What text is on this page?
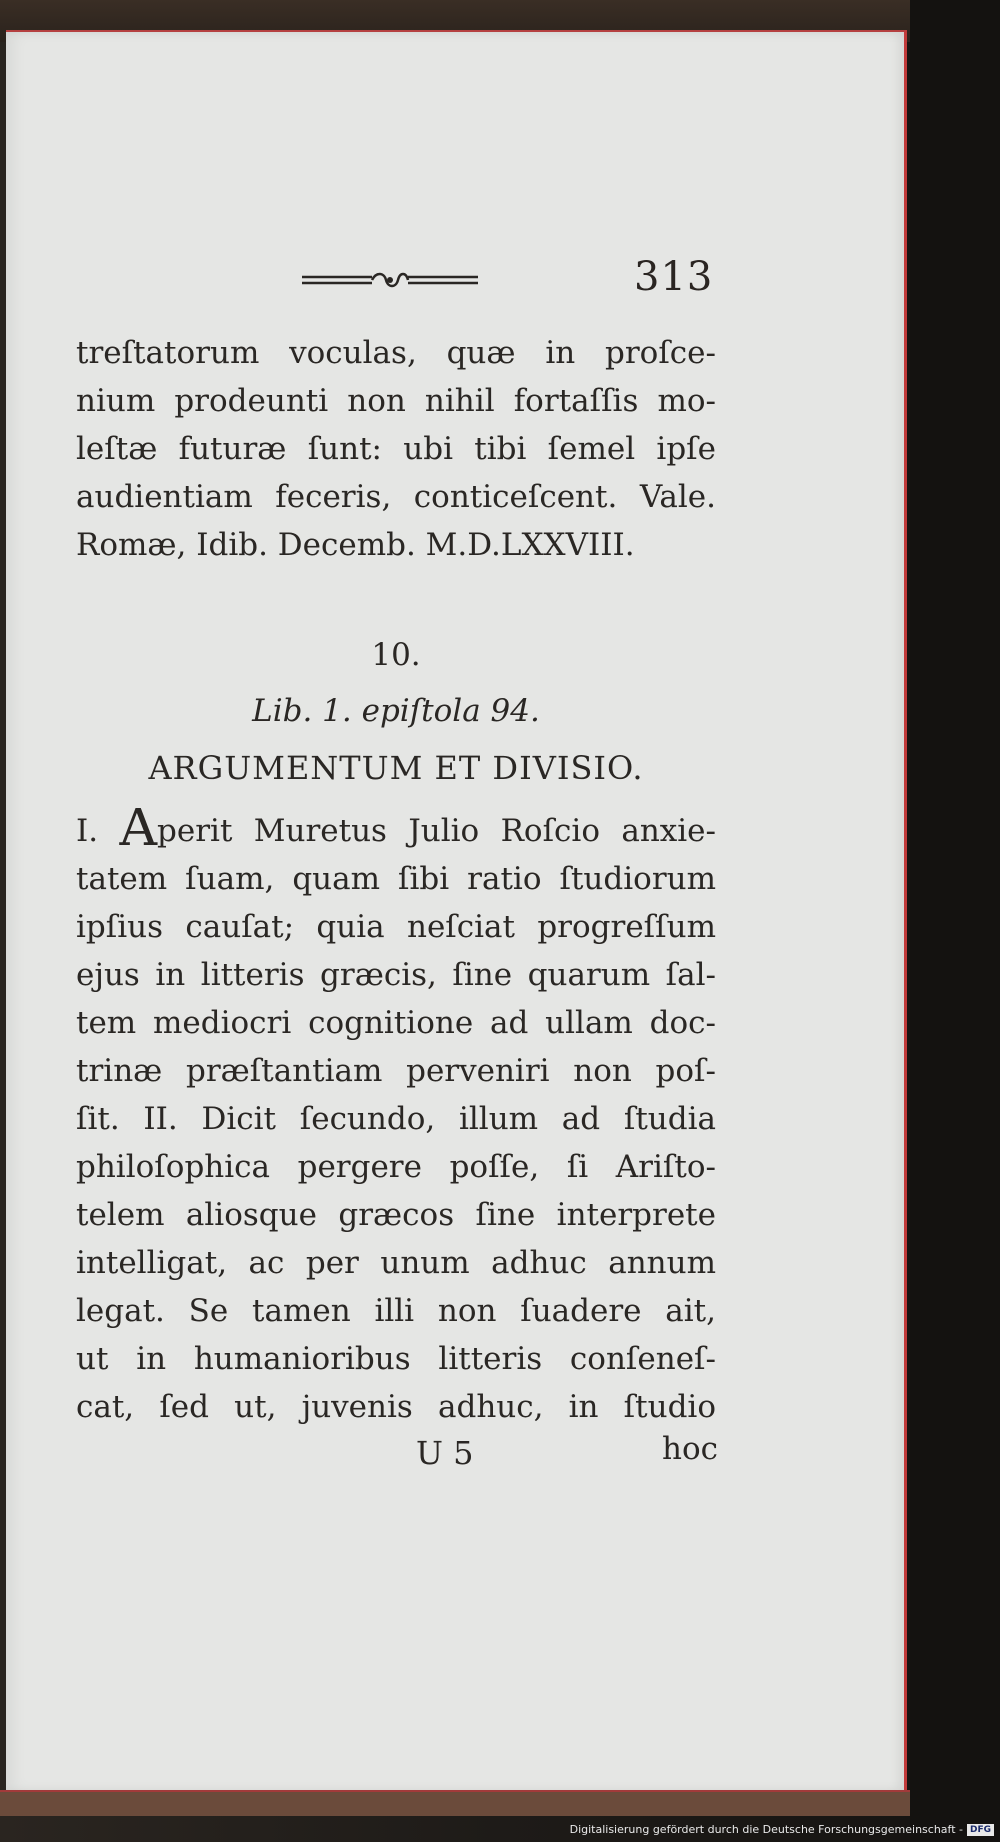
313
treſtatorum voculas, quæ in proſce-
nium prodeunti non nihil fortaſſis mo-
leſtæ futuræ ſunt: ubi tibi ſemel ipſe
audientiam feceris, conticeſcent. Vale.
Romæ, Idib. Decemb. M.D.LXXVIII.
10.
Lib. 1. epiſtola 94.
ARGUMENTUM ET DIVISIO.
I. Aperit Muretus Julio Roſcio anxie-
tatem ſuam, quam ſibi ratio ſtudiorum
ipſius cauſat; quia neſciat progreſſum
ejus in litteris græcis, ſine quarum ſal-
tem mediocri cognitione ad ullam doc-
trinæ præſtantiam perveniri non poſ-
ſit. II. Dicit ſecundo, illum ad ſtudia
philoſophica pergere poſſe, ſi Ariſto-
telem aliosque græcos ſine interprete
intelligat, ac per unum adhuc annum
legat. Se tamen illi non ſuadere ait,
ut in humanioribus litteris conſeneſ-
cat, ſed ut, juvenis adhuc, in ſtudio
U 5	hoc
Digitalisierung gefördert durch die Deutsche Forschungsgemeinschaft - DFG
